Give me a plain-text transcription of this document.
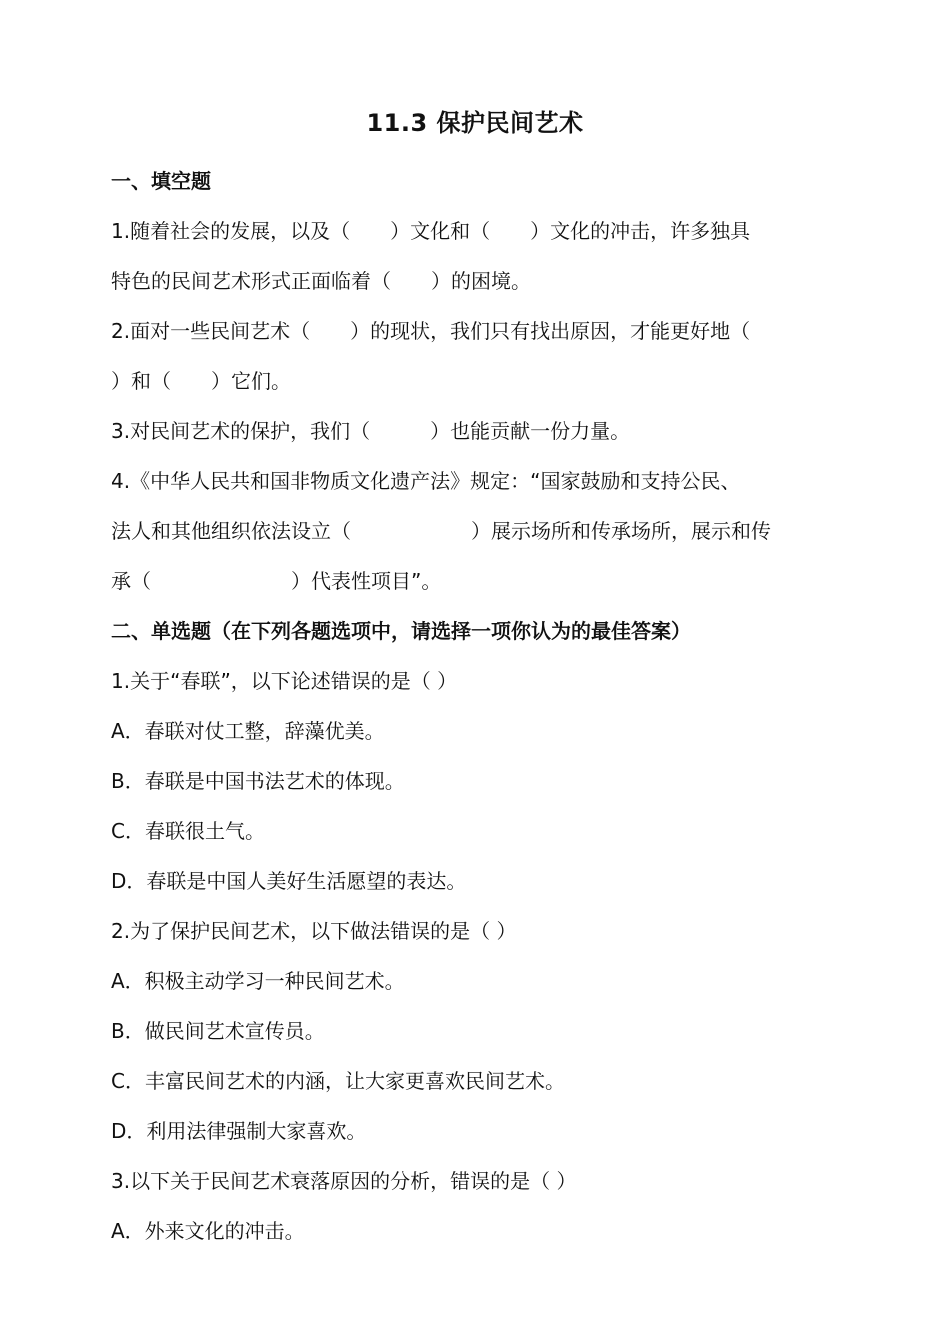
11.3 保护民间艺术
一、填空题
1.随着社会的发展，以及（　　）文化和（　　）文化的冲击，许多独具
特色的民间艺术形式正面临着（　　）的困境。
2.面对一些民间艺术（　　）的现状，我们只有找出原因，才能更好地（
）和（　　）它们。
3.对民间艺术的保护，我们（　　　）也能贡献一份力量。
4.《中华人民共和国非物质文化遗产法》规定：“国家鼓励和支持公民、
法人和其他组织依法设立（　　　　　　）展示场所和传承场所，展示和传
承（　　　　　　　）代表性项目”。
二、单选题（在下列各题选项中，请选择一项你认为的最佳答案）
1.关于“春联”，以下论述错误的是（ ）
A．春联对仗工整，辞藻优美。
B．春联是中国书法艺术的体现。
C．春联很土气。
D．春联是中国人美好生活愿望的表达。
2.为了保护民间艺术，以下做法错误的是（ ）
A．积极主动学习一种民间艺术。
B．做民间艺术宣传员。
C．丰富民间艺术的内涵，让大家更喜欢民间艺术。
D．利用法律强制大家喜欢。
3.以下关于民间艺术衰落原因的分析，错误的是（ ）
A．外来文化的冲击。
